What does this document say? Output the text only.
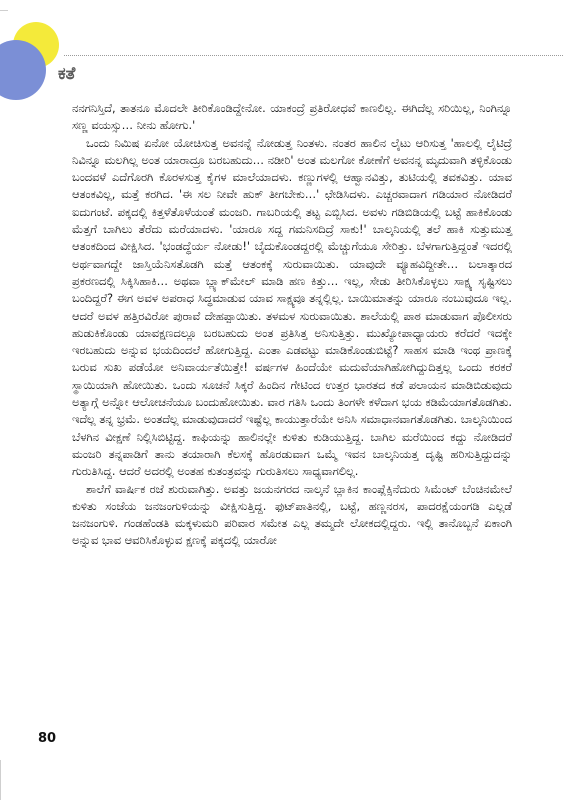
ಕತೆ

ನನಗನಿಸ್ತಿದೆ, ತಾತನೂ ಮೊದಲೇ ತೀರಿಕೊಂಡಿದ್ದೇನೋ. ಯಾಕಂದ್ರೆ ಪ್ರತಿರೋಧವೆ ಕಾಣಲಿಲ್ಲ. ಈಗಿದೆಲ್ಲ ಸರಿಯಿಲ್ಲ, ನಿಂಗಿನ್ನೂ ಸಣ್ಣ ವಯಸ್ಸು… ನೀನು ಹೋಗು.'

ಒಂದು ನಿಮಿಷ ಏನೋ ಯೋಚಿಸುತ್ತ ಅವನನ್ನೆ ನೋಡುತ್ತ ನಿಂತಳು. ನಂತರ ಹಾಲಿನ ಲೈಟು ಆರಿಸುತ್ತ 'ಹಾಲಲ್ಲಿ ಲೈಟಿದ್ರೆ ನಿವಿನ್ನೂ ಮಲಗಿಲ್ಲ ಅಂತ ಯಾರಾದ್ರೂ ಬರಬಹುದು… ನಡೀರಿ' ಅಂತ ಮಲಗೋ ಕೋಣೆಗೆ ಅವನನ್ನ ಮೃದುವಾಗಿ ತಳ್ಳಿಕೊಂಡು ಬಂದವಳೆ ಎದೆಗೊರಗಿ ಕೊರಳಸುತ್ತ ಕೈಗಳ ಮಾಲೆಯಾದಳು. ಕಣ್ಣುಗಳಲ್ಲಿ ಆಹ್ವಾನವಿತ್ತು, ತುಟಿಯಲ್ಲಿ ತವಕವಿತ್ತು. ಯಾವ ಆತಂಕವಿಲ್ಲ, ಮತ್ತೆ ಕರಗಿದ. 'ಈ ಸಲ ನೀವೇ ಹುಕ್ ತೀಗಬೇಕು…' ಛೇಡಿಸಿದಳು. ಎಚ್ಚರವಾದಾಗ ಗಡಿಯಾರ ನೋಡಿದರೆ ಐದುಗಂಟೆ. ಪಕ್ಕದಲ್ಲಿ ಕಿತ್ತಳೆತೊಳೆಯಂತೆ ಮಂಜರಿ. ಗಾಬರಿಯಲ್ಲಿ ತಟ್ಟ ಎಬ್ಬಿಸಿದ. ಅವಳು ಗಡಿಬಿಡಿಯಲ್ಲಿ ಬಟ್ಟೆ ಹಾಕಿಕೊಂಡು ಮೆತ್ತಗೆ ಬಾಗಿಲು ತೆರೆದು ಮರೆಯಾದಳು. 'ಯಾರೂ ಸದ್ದ ಗಮನಿಸದಿದ್ರೆ ಸಾಕು!' ಬಾಲ್ಕನಿಯಲ್ಲಿ ತಲೆ ಹಾಕಿ ಸುತ್ತುಮುತ್ತ ಆತಂಕದಿಂದ ವೀಕ್ಷಿಸಿದ. 'ಭಂಡದ್ಧೆರ್ಯ ನೋಡು!' ಬೈದುಕೊಂಡದ್ದರಲ್ಲಿ ಮೆಚ್ಚುಗೆಯೂ ಸೇರಿತ್ತು. ಬೆಳಗಾಗುತ್ತಿದ್ದಂತೆ ಇದರಲ್ಲಿ ಅರ್ಥವಾಗದ್ದೇ ಜಾಸ್ತಿಯೆನಿಸತೊಡಗಿ ಮತ್ತೆ ಆತಂಕಕ್ಕೆ ಸುರುವಾಯಿತು. ಯಾವುದೇ ವ್ಯೂಹವಿದ್ದೀತೇ… ಬಲಾತ್ಕಾರದ ಪ್ರಕರಣದಲ್ಲಿ ಸಿಕ್ಕಿಸಿಹಾಕಿ… ಅಥವಾ ಬ್ಲ್ಯಾಕ್‌ಮೇಲ್ ಮಾಡಿ ಹಣ ಕಿತ್ತು… ಇಲ್ಲ, ಸೇಡು ತೀರಿಸಿಕೊಳ್ಳಲು ಸಾಕ್ಷ್ಯ ಸೃಷ್ಟಿಸಲು ಬಂದಿದ್ದರೆ? ಈಗ ಅವಳ ಅಪರಾಧ ಸಿದ್ಧಮಾಡುವ ಯಾವ ಸಾಕ್ಷ್ಯವೂ ತನ್ನಲ್ಲಿಲ್ಲ. ಬಾಯಿಮಾತನ್ನು ಯಾರೂ ನಂಬುವುದೂ ಇಲ್ಲ. ಆದರೆ ಅವಳ ಹತ್ತಿರವಿರೋ ಪುರಾವೆ ದೇಹಪ್ಪಾಯಿತು. ತಳಮಳ ಸುರುವಾಯಿತು. ಶಾಲೆಯಲ್ಲಿ ಪಾಠ ಮಾಡುವಾಗ ಪೊಲೀಸರು ಹುಡುಕಿಕೊಂಡು ಯಾವಕ್ಷಣದಲ್ಲೂ ಬರಬಹುದು ಅಂತ ಪ್ರತಿಸಿತ್ತ ಅನಿಸುತ್ತಿತ್ತು. ಮುಖ್ಯೋಪಾಧ್ಯಾಯರು ಕರೆದರೆ ಇದಕ್ಕೇ ಇರಬಹುದು ಅನ್ನುವ ಭಯದಿಂದಲೆ ಹೋಗುತ್ತಿದ್ದ. ಎಂತಾ ಎಡವಟ್ಟು ಮಾಡಿಕೊಂಡುಬಿಟ್ಟೆ? ಸಾಹಸ ಮಾಡಿ ಇಂಥ ಪ್ರಾಣಕ್ಕೆ ಬರುವ ಸುಖ ಪಡೆಯೋ ಅನಿವಾರ್ಯತೆಯಿತ್ತೇ! ವರ್ಷಗಳ ಹಿಂದೆಯೇ ಮದುವೆಯಾಗಿಹೋಗಿದ್ದುದಿತ್ತಲ್ಲ ಒಂದು ಕರಕರೆ ಸ್ಥಾಯಿಯಾಗಿ ಹೋಯಿತು. ಒಂದು ಸೂಚನೆ ಸಿಕ್ಕರೆ ಹಿಂದಿನ ಗೇಟಿಂದ ಉತ್ತರ ಭಾರತದ ಕಡೆ ಪಲಾಯನ ಮಾಡಿಬಿಡುವುದು ಅತ್ಯಾಗ್ಗೆ ಅನ್ನೋ ಆಲೋಚನೆಯೂ ಬಂದುಹೋಯಿತು. ವಾರ ಗತಿಸಿ ಒಂದು ತಿಂಗಳೇ ಕಳೆದಾಗ ಭಯ ಕಡಿಮೆಯಾಗತೊಡಗಿತು. ಇದೆಲ್ಲ ತನ್ನ ಭ್ರಮೆ. ಅಂತದೆಲ್ಲ ಮಾಡುವುದಾದರೆ ಇಷ್ಟೆಲ್ಲ ಕಾಯುತ್ತಾರೆಯೇ ಅನಿಸಿ ಸಮಾಧಾನವಾಗತೊಡಗಿತು. ಬಾಲ್ಕನಿಯಿಂದ ಬೆಳಗಿನ ವೀಕ್ಷಣೆ ನಿಲ್ಲಿಸಿಬಿಟ್ಟಿದ್ದ. ಕಾಫಿಯನ್ನು ಹಾಲಿನಲ್ಲೇ ಕುಳಿತು ಕುಡಿಯುತ್ತಿದ್ದ. ಬಾಗಿಲ ಮರೆಯಿಂದ ಕದ್ದು ನೋಡಿದರೆ ಮಂಜರಿ ತನ್ನಪಾಡಿಗೆ ತಾನು ತಯಾರಾಗಿ ಕೆಲಸಕ್ಕೆ ಹೊರಡುವಾಗ ಒಮ್ಮೆ ಇವನ ಬಾಲ್ಕನಿಯತ್ತ ದೃಷ್ಟಿ ಹರಿಸುತ್ತಿದ್ದುದನ್ನು ಗುರುತಿಸಿದ್ದ. ಆದರೆ ಅದರಲ್ಲಿ ಅಂತಹ ಕುತಂತ್ರವನ್ನು ಗುರುತಿಸಲು ಸಾಧ್ಯವಾಗಲಿಲ್ಲ.

ಶಾಲೆಗೆ ವಾರ್ಷಿಕ ರಜೆ ಶುರುವಾಗಿತ್ತು. ಅವತ್ತು ಜಯನಗರದ ನಾಲ್ಕನೆ ಬ್ಲಾಕಿನ ಕಾಂಪ್ಲೆಕ್ಸಿನೆದುರು ಸಿಮೆಂಟ್ ಬೆಂಚಿನಮೇಲೆ ಕುಳಿತು ಸಂಜೆಯ ಜನಜಂಗುಳಿಯನ್ನು ವೀಕ್ಷಿಸುತ್ತಿದ್ದ. ಫುಟ್‌ಪಾತಿನಲ್ಲಿ, ಬಟ್ಟೆ, ಹಣ್ಣನರಸ, ಪಾದರಕ್ಷೆಯಂಗಡಿ ಎಲ್ಲಡೆ ಜನಜಂಗುಳಿ. ಗಂಡಹೆಂಡತಿ ಮಕ್ಕಳುಮರಿ ಪರಿವಾರ ಸಮೇತ ಎಲ್ಲ ತಮ್ಮದೇ ಲೋಕದಲ್ಲಿದ್ದರು. ಇಲ್ಲಿ ತಾನೊಬ್ಬನೆ ಏಕಾಂಗಿ ಅನ್ನುವ ಭಾವ ಆವರಿಸಿಕೊಳ್ಳುವ ಕ್ಷಣಕ್ಕೆ ಪಕ್ಕದಲ್ಲಿ ಯಾರೋ

80
